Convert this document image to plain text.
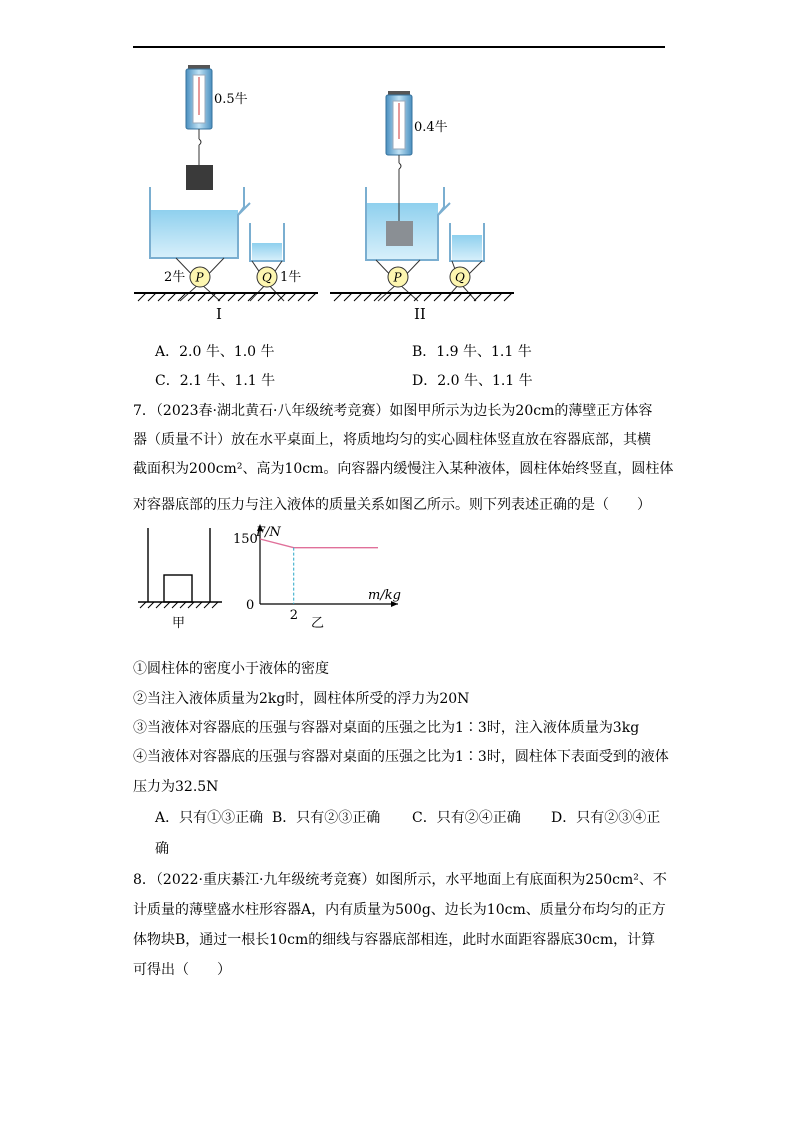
0.5牛
P	Q
2牛	1牛
I
0.4牛
P	Q
II
A．2.0 牛、1.0 牛	B．1.9 牛、1.1 牛
C．2.1 牛、1.1 牛	D．2.0 牛、1.1 牛
7．（2023春·湖北黄石·八年级统考竞赛）如图甲所示为边长为20cm的薄壁正方体容
器（质量不计）放在水平桌面上，将质地均匀的实心圆柱体竖直放在容器底部，其横
截面积为200cm²、高为10cm。向容器内缓慢注入某种液体，圆柱体始终竖直，圆柱体
对容器底部的压力与注入液体的质量关系如图乙所示。则下列表述正确的是（　　）
甲
150
2
F/N
m/kg
0
乙
①圆柱体的密度小于液体的密度
②当注入液体质量为2kg时，圆柱体所受的浮力为20N
③当液体对容器底的压强与容器对桌面的压强之比为1∶3时，注入液体质量为3kg
④当液体对容器底的压强与容器对桌面的压强之比为1∶3时，圆柱体下表面受到的液体
压力为32.5N
A．只有①③正确 B．只有②③正确 C．只有②④正确 D．只有②③④正
确
8．（2022·重庆綦江·九年级统考竞赛）如图所示，水平地面上有底面积为250cm²、不
计质量的薄壁盛水柱形容器A，内有质量为500g、边长为10cm、质量分布均匀的正方
体物块B，通过一根长10cm的细线与容器底部相连，此时水面距容器底30cm，计算
可得出（　　）
